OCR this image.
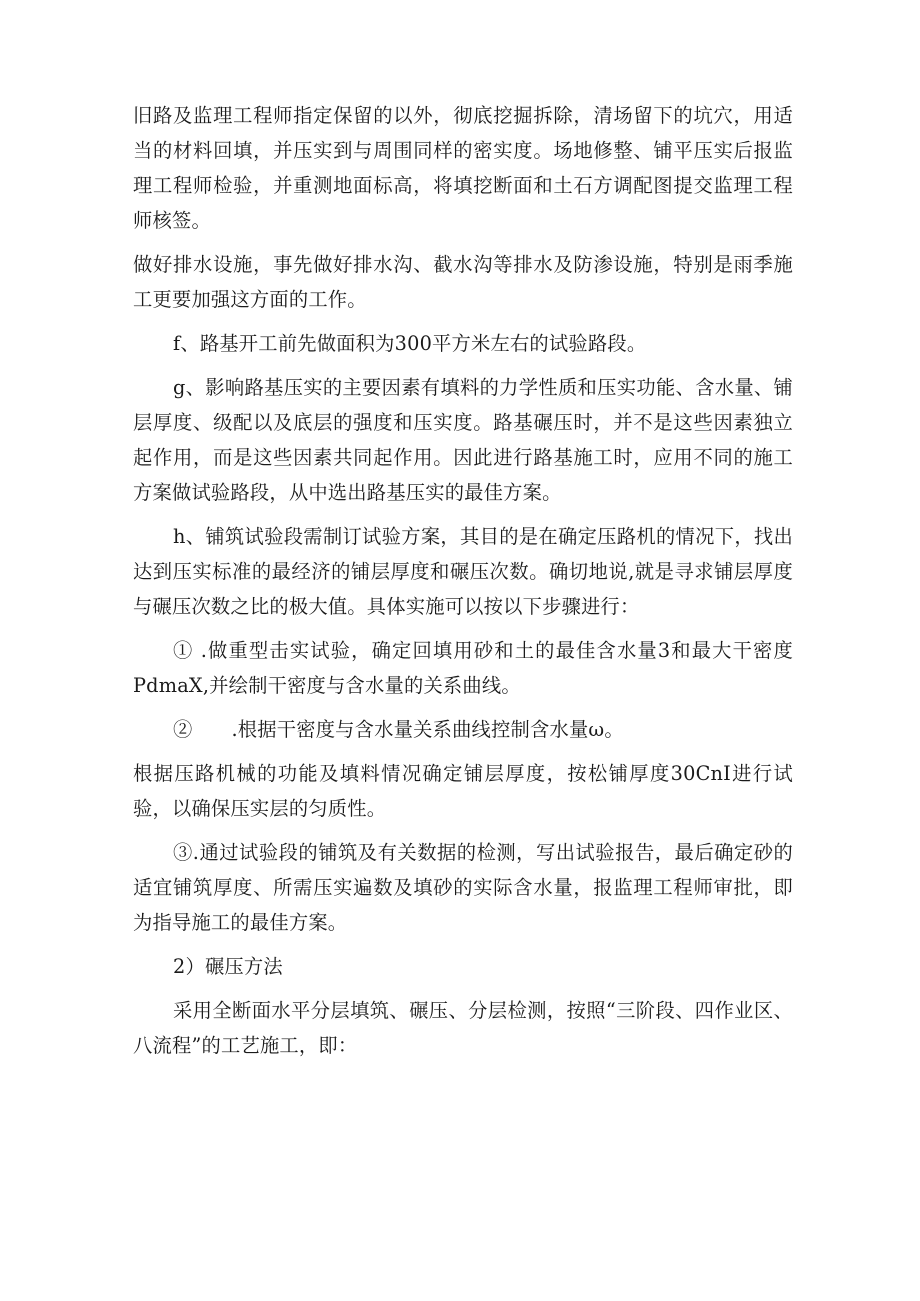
旧路及监理工程师指定保留的以外，彻底挖掘拆除，清场留下的坑穴，用适当的材料回填，并压实到与周围同样的密实度。场地修整、铺平压实后报监理工程师检验，并重测地面标高，将填挖断面和土石方调配图提交监理工程师核签。

做好排水设施，事先做好排水沟、截水沟等排水及防渗设施，特别是雨季施工更要加强这方面的工作。

f、路基开工前先做面积为300平方米左右的试验路段。

g、影响路基压实的主要因素有填料的力学性质和压实功能、含水量、铺层厚度、级配以及底层的强度和压实度。路基碾压时，并不是这些因素独立起作用，而是这些因素共同起作用。因此进行路基施工时，应用不同的施工方案做试验路段，从中选出路基压实的最佳方案。

h、铺筑试验段需制订试验方案，其目的是在确定压路机的情况下，找出达到压实标准的最经济的铺层厚度和碾压次数。确切地说,就是寻求铺层厚度与碾压次数之比的极大值。具体实施可以按以下步骤进行：

① .做重型击实试验，确定回填用砂和土的最佳含水量3和最大干密度PdmaX,并绘制干密度与含水量的关系曲线。

②　　.根据干密度与含水量关系曲线控制含水量ω。

根据压路机械的功能及填料情况确定铺层厚度，按松铺厚度30CnI进行试验，以确保压实层的匀质性。

③.通过试验段的铺筑及有关数据的检测，写出试验报告，最后确定砂的适宜铺筑厚度、所需压实遍数及填砂的实际含水量，报监理工程师审批，即为指导施工的最佳方案。

2）碾压方法

采用全断面水平分层填筑、碾压、分层检测，按照“三阶段、四作业区、八流程”的工艺施工，即：
